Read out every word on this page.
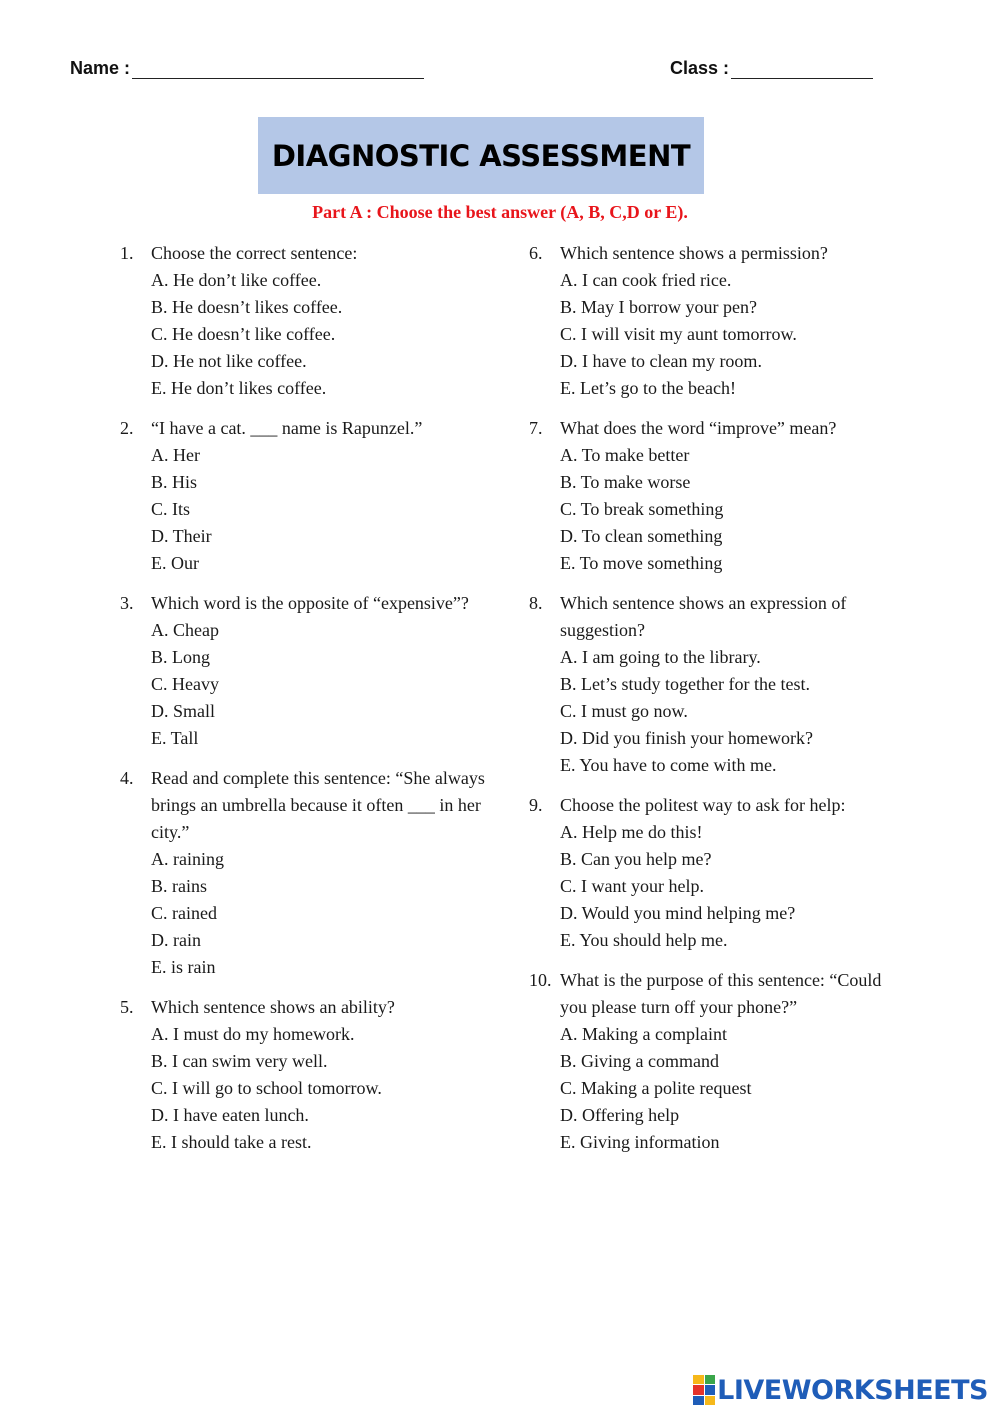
Name :	Class :
DIAGNOSTIC ASSESSMENT
Part A : Choose the best answer (A, B, C,D or E).
1. Choose the correct sentence:
A. He don’t like coffee.
B. He doesn’t likes coffee.
C. He doesn’t like coffee.
D. He not like coffee.
E. He don’t likes coffee.
2. “I have a cat. ___ name is Rapunzel.”
A. Her
B. His
C. Its
D. Their
E. Our
3. Which word is the opposite of “expensive”?
A. Cheap
B. Long
C. Heavy
D. Small
E. Tall
4. Read and complete this sentence: “She always brings an umbrella because it often ___ in her city.”
A. raining
B. rains
C. rained
D. rain
E. is rain
5. Which sentence shows an ability?
A. I must do my homework.
B. I can swim very well.
C. I will go to school tomorrow.
D. I have eaten lunch.
E. I should take a rest.
6. Which sentence shows a permission?
A. I can cook fried rice.
B. May I borrow your pen?
C. I will visit my aunt tomorrow.
D. I have to clean my room.
E. Let’s go to the beach!
7. What does the word “improve” mean?
A. To make better
B. To make worse
C. To break something
D. To clean something
E. To move something
8. Which sentence shows an expression of suggestion?
A. I am going to the library.
B. Let’s study together for the test.
C. I must go now.
D. Did you finish your homework?
E. You have to come with me.
9. Choose the politest way to ask for help:
A. Help me do this!
B. Can you help me?
C. I want your help.
D. Would you mind helping me?
E. You should help me.
10. What is the purpose of this sentence: “Could you please turn off your phone?”
A. Making a complaint
B. Giving a command
C. Making a polite request
D. Offering help
E. Giving information
LIVEWORKSHEETS
